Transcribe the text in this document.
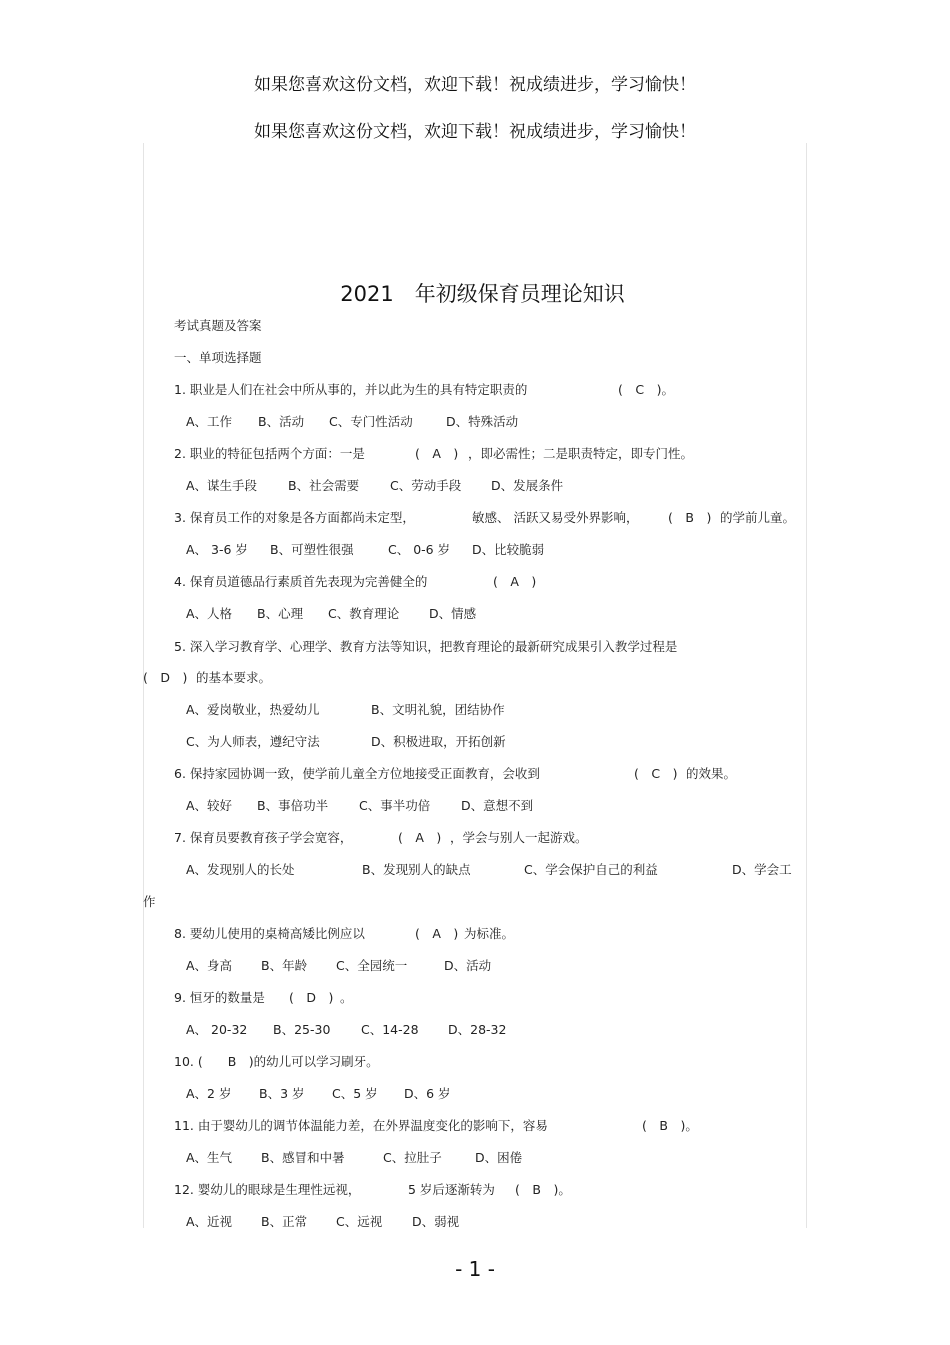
如果您喜欢这份文档，欢迎下载！祝成绩进步，学习愉快！
如果您喜欢这份文档，欢迎下载！祝成绩进步，学习愉快！
2021　年初级保育员理论知识
考试真题及答案
一、单项选择题
1. 职业是人们在社会中所从事的，并以此为生的具有特定职责的	(　C　)。
A、工作 B、活动 C、专门性活动	D、特殊活动
2. 职业的特征包括两个方面：一是	(　A　) ，即必需性；二是职责特定，即专门性。
A、谋生手段 B、社会需要 C、劳动手段 D、发展条件
3. 保育员工作的对象是各方面都尚未定型，	敏感、 活跃又易受外界影响， (　B　) 的学前儿童。
A、 3-6 岁 B、可塑性很强	C、 0-6 岁 D、比较脆弱
4. 保育员道德品行素质首先表现为完善健全的	(　A　)
A、人格 B、心理 C、教育理论 D、情感
5. 深入学习教育学、心理学、教育方法等知识，把教育理论的最新研究成果引入教学过程是
(　D　) 的基本要求。
A、爱岗敬业，热爱幼儿	B、文明礼貌，团结协作
C、为人师表，遵纪守法	D、积极进取，开拓创新
6. 保持家园协调一致，使学前儿童全方位地接受正面教育，会收到	(　C　) 的效果。
A、较好 B、事倍功半 C、事半功倍 D、意想不到
7. 保育员要教育孩子学会宽容，	(　A　) ，学会与别人一起游戏。
A、发现别人的长处	B、发现别人的缺点	C、学会保护自己的利益	D、学会工
作
8. 要幼儿使用的桌椅高矮比例应以	(　A　) 为标准。
A、身高 B、年龄 C、全园统一	D、活动
9. 恒牙的数量是 (　D　) 。
A、 20-32 B、25-30 C、14-28 D、28-32
10. (　　B　)的幼儿可以学习刷牙。
A、2 岁 B、3 岁 C、5 岁 D、6 岁
11. 由于婴幼儿的调节体温能力差，在外界温度变化的影响下，容易	(　B　)。
A、生气 B、感冒和中暑	C、拉肚子	D、困倦
12. 婴幼儿的眼球是生理性远视，	5 岁后逐渐转为 (　B　)。
A、近视 B、正常 C、远视 D、弱视
- 1 -
